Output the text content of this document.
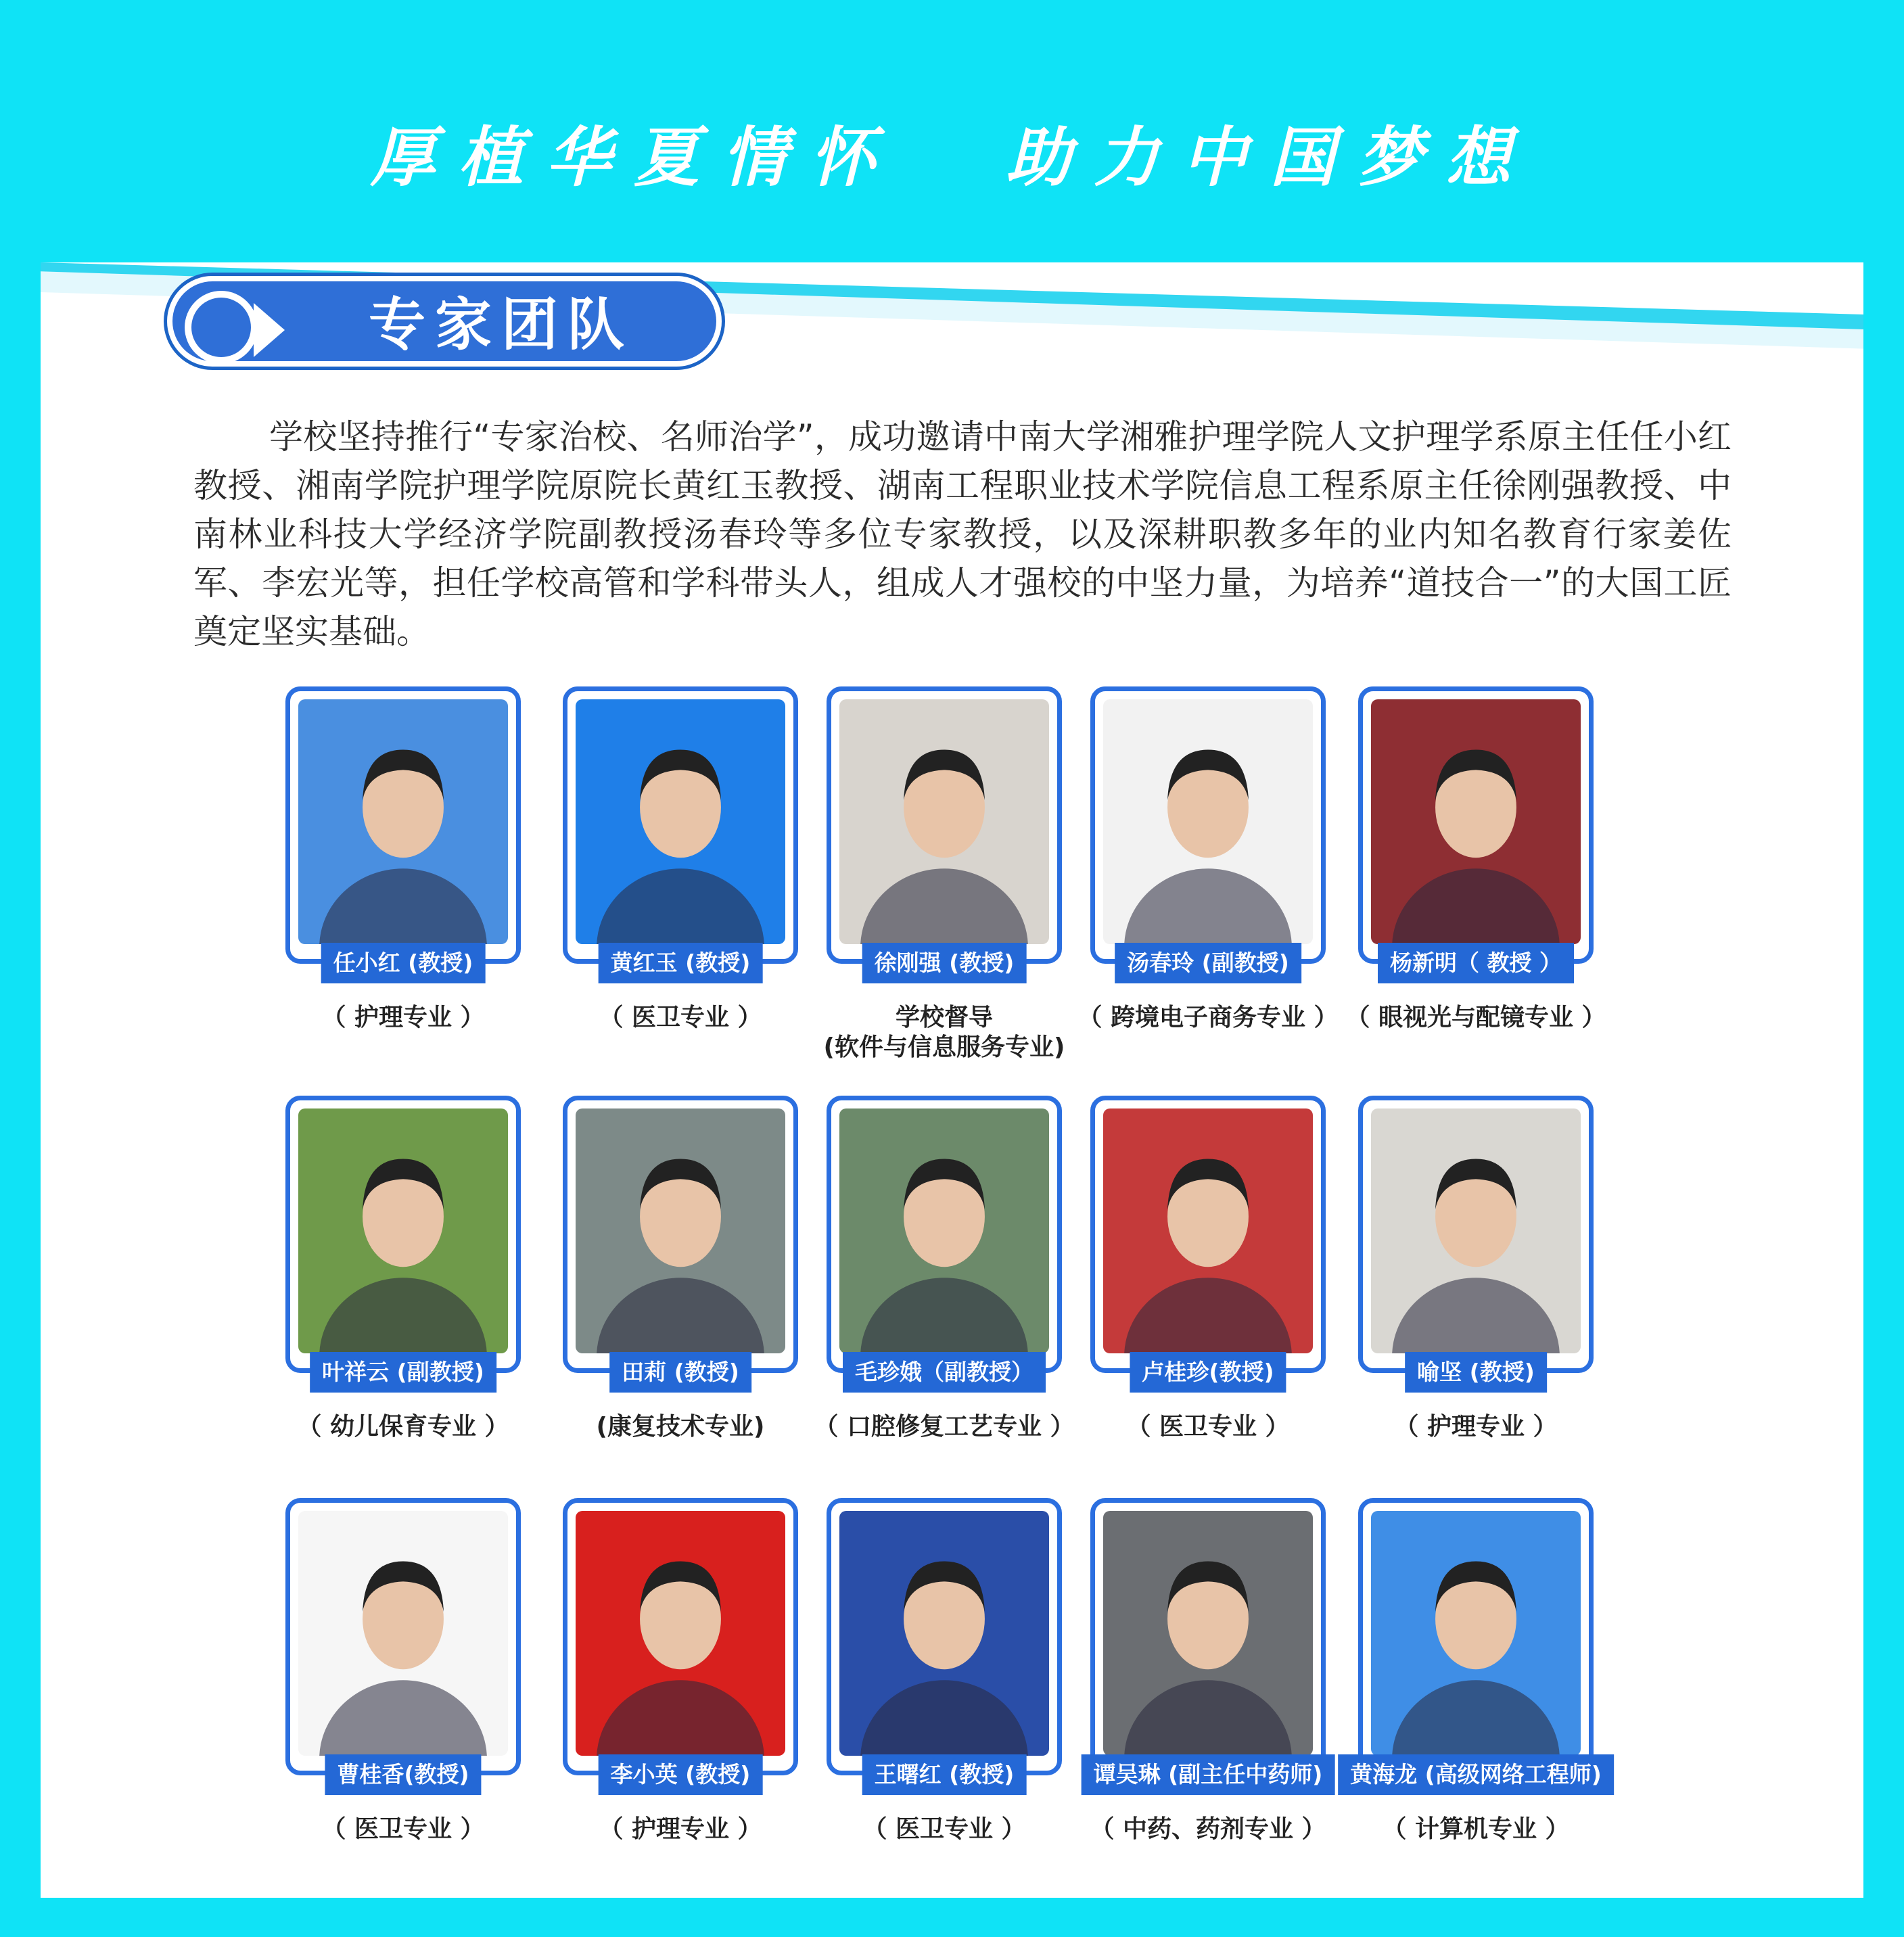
厚植华夏情怀 助力中国梦想
专家团队

学校坚持推行“专家治校、名师治学”，成功邀请中南大学湘雅护理学院人文护理学系原主任任小红教授、湘南学院护理学院原院长黄红玉教授、湖南工程职业技术学院信息工程系原主任徐刚强教授、中南林业科技大学经济学院副教授汤春玲等多位专家教授，以及深耕职教多年的业内知名教育行家姜佐军、李宏光等，担任学校高管和学科带头人，组成人才强校的中坚力量，为培养“道技合一”的大国工匠奠定坚实基础。

任小红 (教授)
（ 护理专业 ）
黄红玉 (教授)
（ 医卫专业 ）
徐刚强 (教授)
学校督导
(软件与信息服务专业)
汤春玲 (副教授)
（ 跨境电子商务专业 ）
杨新明（ 教授 ）
（ 眼视光与配镜专业 ）
叶祥云 (副教授)
（ 幼儿保育专业 ）
田莉 (教授)
(康复技术专业)
毛珍娥（副教授）
（ 口腔修复工艺专业 ）
卢桂珍(教授)
（ 医卫专业 ）
喻坚 (教授)
（ 护理专业 ）
曹桂香(教授)
（ 医卫专业 ）
李小英 (教授)
（ 护理专业 ）
王曙红 (教授)
（ 医卫专业 ）
谭吴琳 (副主任中药师)
（ 中药、药剂专业 ）
黄海龙 (高级网络工程师)
（ 计算机专业 ）
